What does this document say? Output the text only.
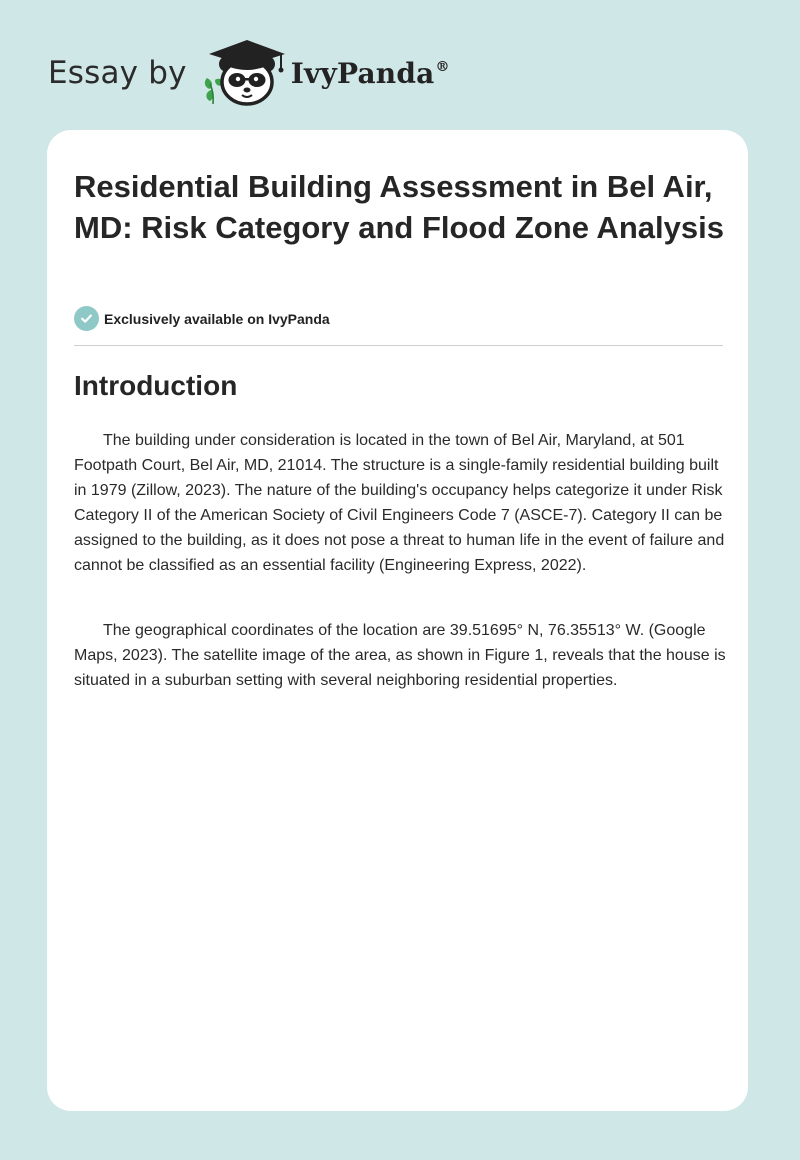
Essay by	IvyPanda®
Residential Building Assessment in Bel Air, MD: Risk Category and Flood Zone Analysis
Exclusively available on IvyPanda
Introduction

The building under consideration is located in the town of Bel Air, Maryland, at 501 Footpath Court, Bel Air, MD, 21014. The structure is a single-family residential building built in 1979 (Zillow, 2023). The nature of the building's occupancy helps categorize it under Risk Category II of the American Society of Civil Engineers Code 7 (ASCE-7). Category II can be assigned to the building, as it does not pose a threat to human life in the event of failure and cannot be classified as an essential facility (Engineering Express, 2022).

The geographical coordinates of the location are 39.51695° N, 76.35513° W. (Google Maps, 2023). The satellite image of the area, as shown in Figure 1, reveals that the house is situated in a suburban setting with several neighboring residential properties.
